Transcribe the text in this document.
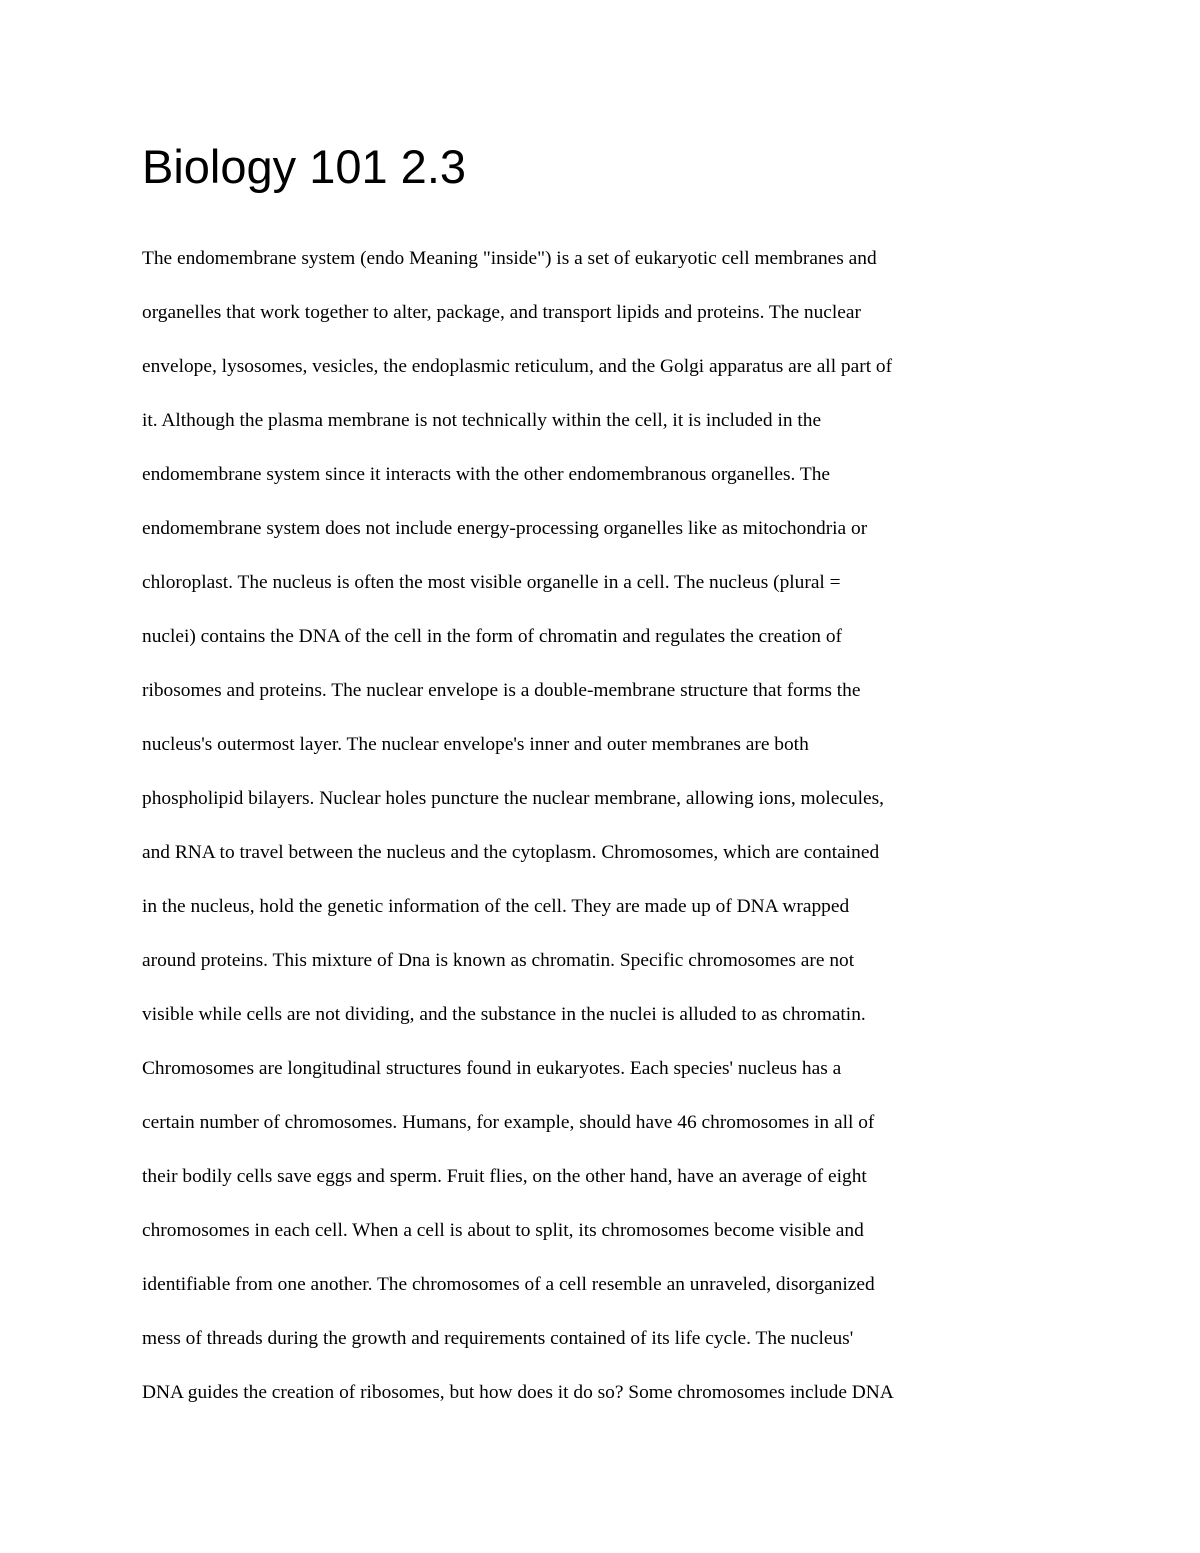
Biology 101 2.3
The endomembrane system (endo Meaning "inside") is a set of eukaryotic cell membranes and
organelles that work together to alter, package, and transport lipids and proteins. The nuclear
envelope, lysosomes, vesicles, the endoplasmic reticulum, and the Golgi apparatus are all part of
it. Although the plasma membrane is not technically within the cell, it is included in the
endomembrane system since it interacts with the other endomembranous organelles. The
endomembrane system does not include energy-processing organelles like as mitochondria or
chloroplast. The nucleus is often the most visible organelle in a cell. The nucleus (plural =
nuclei) contains the DNA of the cell in the form of chromatin and regulates the creation of
ribosomes and proteins. The nuclear envelope is a double-membrane structure that forms the
nucleus's outermost layer. The nuclear envelope's inner and outer membranes are both
phospholipid bilayers. Nuclear holes puncture the nuclear membrane, allowing ions, molecules,
and RNA to travel between the nucleus and the cytoplasm. Chromosomes, which are contained
in the nucleus, hold the genetic information of the cell. They are made up of DNA wrapped
around proteins. This mixture of Dna is known as chromatin. Specific chromosomes are not
visible while cells are not dividing, and the substance in the nuclei is alluded to as chromatin.
Chromosomes are longitudinal structures found in eukaryotes. Each species' nucleus has a
certain number of chromosomes. Humans, for example, should have 46 chromosomes in all of
their bodily cells save eggs and sperm. Fruit flies, on the other hand, have an average of eight
chromosomes in each cell. When a cell is about to split, its chromosomes become visible and
identifiable from one another. The chromosomes of a cell resemble an unraveled, disorganized
mess of threads during the growth and requirements contained of its life cycle. The nucleus'
DNA guides the creation of ribosomes, but how does it do so? Some chromosomes include DNA
